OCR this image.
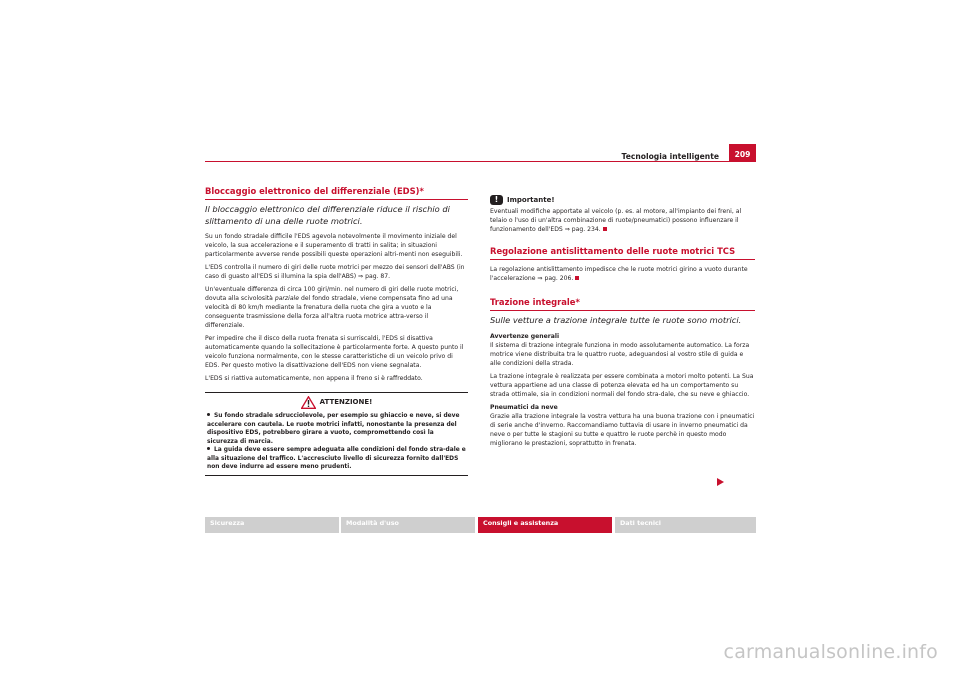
Tecnologia intelligente	209
Bloccaggio elettronico del differenziale (EDS)*
Il bloccaggio elettronico del differenziale riduce il rischio di slittamento di una delle ruote motrici.

Su un fondo stradale difficile l'EDS agevola notevolmente il movimento iniziale del veicolo, la sua accelerazione e il superamento di tratti in salita; in situazioni particolarmente avverse rende possibili queste operazioni altri-menti non eseguibili.

L'EDS controlla il numero di giri delle ruote motrici per mezzo dei sensori dell'ABS (in caso di guasto all'EDS si illumina la spia dell'ABS) ⇒ pag. 87.

Un'eventuale differenza di circa 100 giri/min. nel numero di giri delle ruote motrici, dovuta alla scivolosità parziale del fondo stradale, viene compensata fino ad una velocità di 80 km/h mediante la frenatura della ruota che gira a vuoto e la conseguente trasmissione della forza all'altra ruota motrice attra-verso il differenziale.

Per impedire che il disco della ruota frenata si surriscaldi, l'EDS si disattiva automaticamente quando la sollecitazione è particolarmente forte. A questo punto il veicolo funziona normalmente, con le stesse caratteristiche di un veicolo privo di EDS. Per questo motivo la disattivazione dell'EDS non viene segnalata.

L'EDS si riattiva automaticamente, non appena il freno si è raffreddato.

ATTENZIONE!

Su fondo stradale sdrucciolevole, per esempio su ghiaccio e neve, si deve accelerare con cautela. Le ruote motrici infatti, nonostante la presenza del dispositivo EDS, potrebbero girare a vuoto, compromettendo così la sicurezza di marcia.

La guida deve essere sempre adeguata alle condizioni del fondo stra-dale e alla situazione del traffico. L'accresciuto livello di sicurezza fornito dall'EDS non deve indurre ad essere meno prudenti.

!	Importante!

Eventuali modifiche apportate al veicolo (p. es. al motore, all'impianto dei freni, al telaio o l'uso di un'altra combinazione di ruote/pneumatici) possono influenzare il funzionamento dell'EDS ⇒ pag. 234.

Regolazione antislittamento delle ruote motrici TCS

La regolazione antislittamento impedisce che le ruote motrici girino a vuoto durante l'accelerazione ⇒ pag. 206.

Trazione integrale*
Sulle vetture a trazione integrale tutte le ruote sono motrici.

Avvertenze generali

Il sistema di trazione integrale funziona in modo assolutamente automatico. La forza motrice viene distribuita tra le quattro ruote, adeguandosi al vostro stile di guida e alle condizioni della strada.

La trazione integrale è realizzata per essere combinata a motori molto potenti. La Sua vettura appartiene ad una classe di potenza elevata ed ha un comportamento su strada ottimale, sia in condizioni normali del fondo stra-dale, che su neve e ghiaccio.

Pneumatici da neve

Grazie alla trazione integrale la vostra vettura ha una buona trazione con i pneumatici di serie anche d'inverno. Raccomandiamo tuttavia di usare in inverno pneumatici da neve o per tutte le stagioni su tutte e quattro le ruote perchè in questo modo migliorano le prestazioni, soprattutto in frenata.

Sicurezza	Modalità d'uso	Consigli e assistenza	Dati tecnici
carmanualsonline.info
